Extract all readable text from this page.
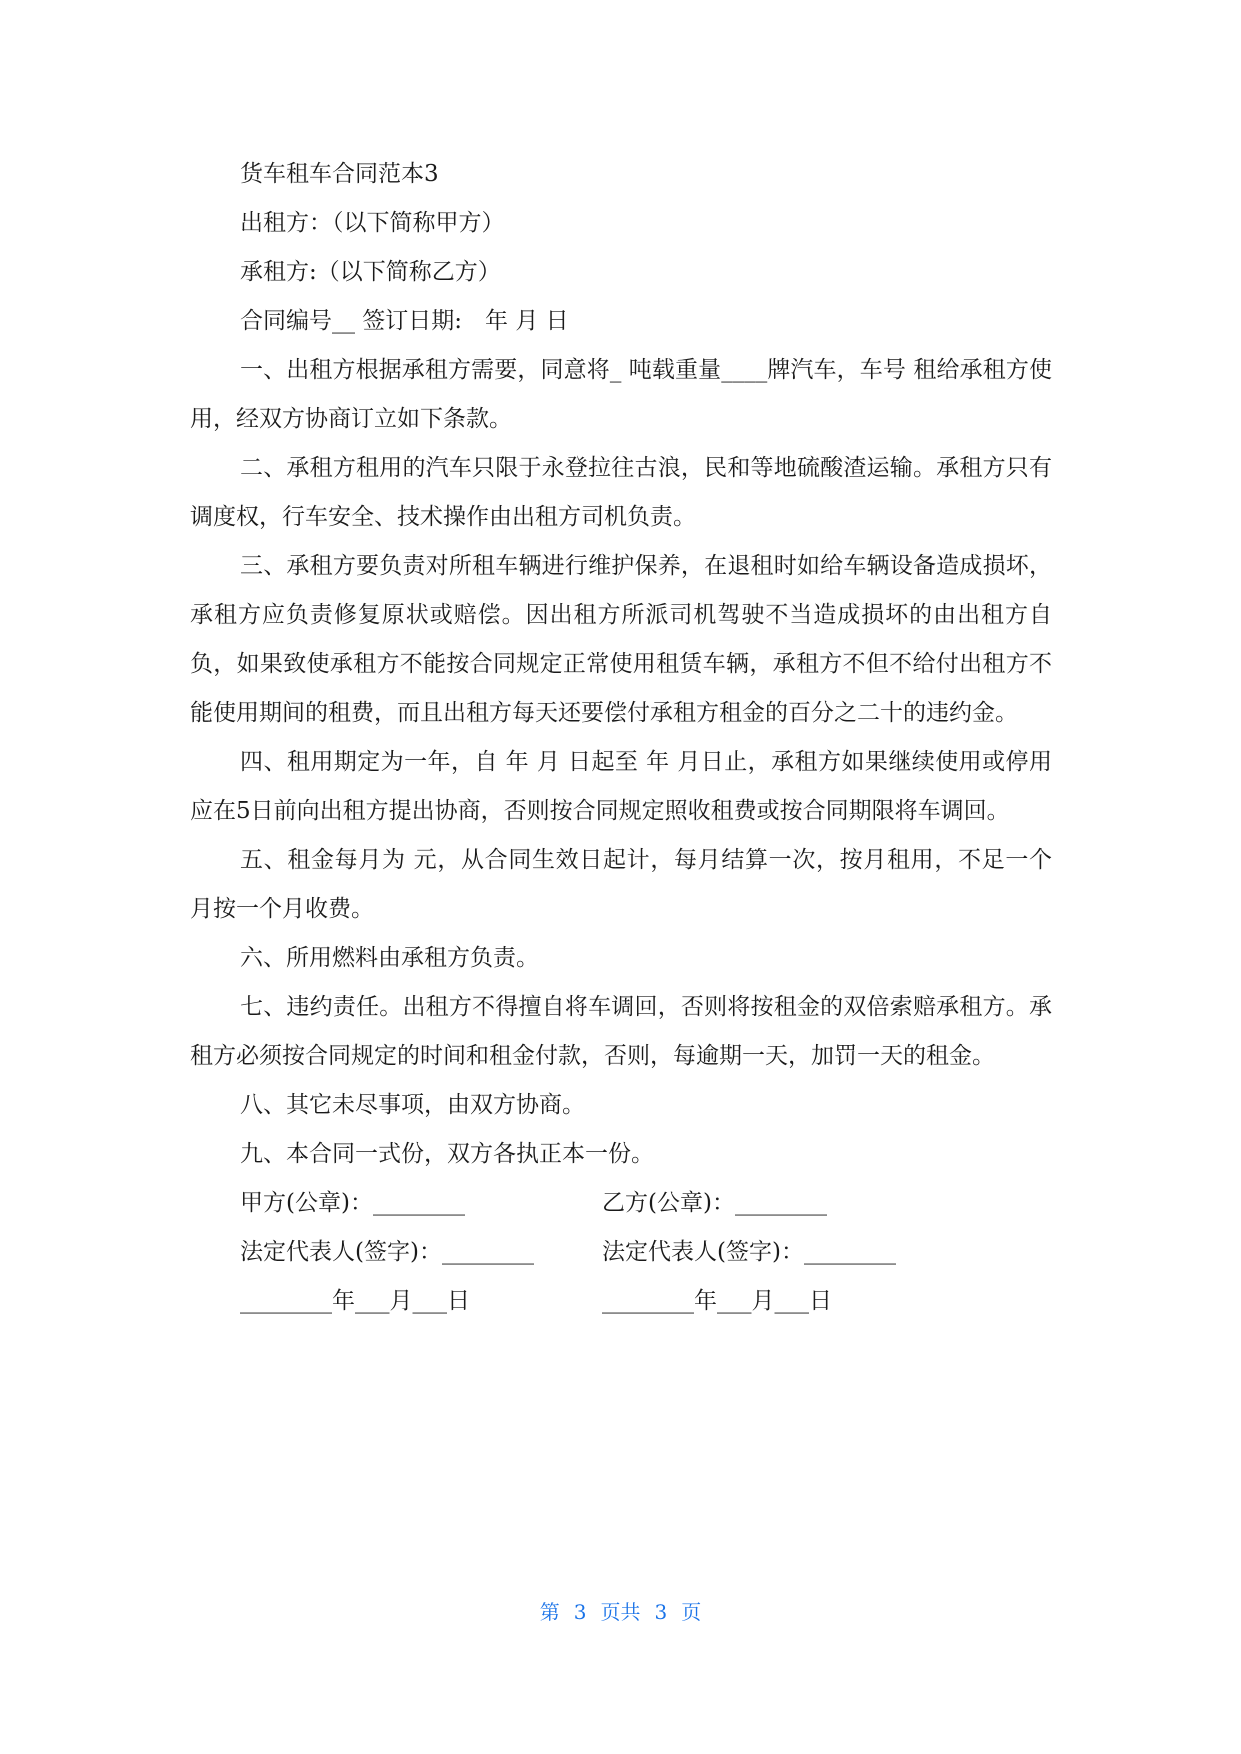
货车租车合同范本3
出租方：（以下简称甲方）
承租方:（以下简称乙方）
合同编号__ 签订日期:　年 月 日

一、出租方根据承租方需要，同意将_ 吨载重量____牌汽车，车号 租给承租方使用，经双方协商订立如下条款。

二、承租方租用的汽车只限于永登拉往古浪，民和等地硫酸渣运输。承租方只有调度权，行车安全、技术操作由出租方司机负责。

三、承租方要负责对所租车辆进行维护保养，在退租时如给车辆设备造成损坏，承租方应负责修复原状或赔偿。因出租方所派司机驾驶不当造成损坏的由出租方自负，如果致使承租方不能按合同规定正常使用租赁车辆，承租方不但不给付出租方不能使用期间的租费，而且出租方每天还要偿付承租方租金的百分之二十的违约金。

四、租用期定为一年，自 年 月 日起至 年 月日止，承租方如果继续使用或停用应在5日前向出租方提出协商，否则按合同规定照收租费或按合同期限将车调回。

五、租金每月为 元，从合同生效日起计，每月结算一次，按月租用，不足一个月按一个月收费。

六、所用燃料由承租方负责。

七、违约责任。出租方不得擅自将车调回，否则将按租金的双倍索赔承租方。承租方必须按合同规定的时间和租金付款，否则，每逾期一天，加罚一天的租金。

八、其它未尽事项，由双方协商。

九、本合同一式份，双方各执正本一份。

甲方(公章)：________	乙方(公章)：________
法定代表人(签字)：________	法定代表人(签字)：________
________年___月___日	________年___月___日
第 3 页共 3 页
